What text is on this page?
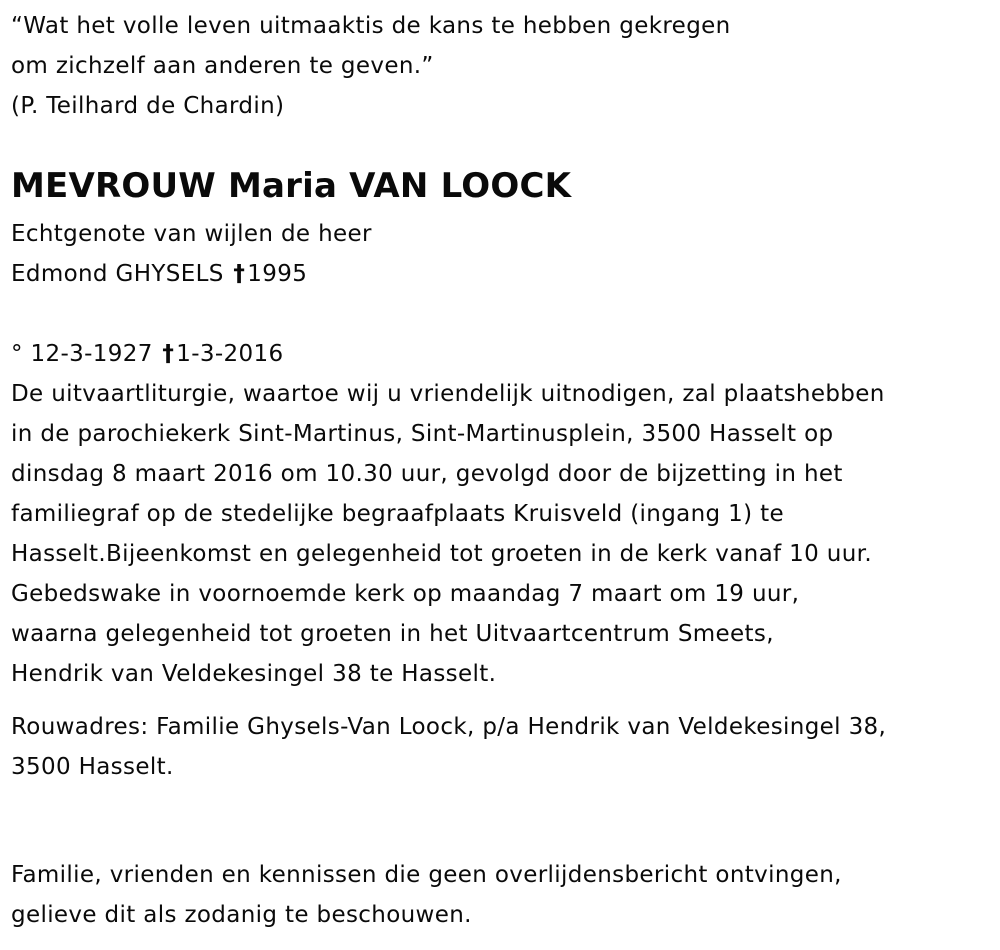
“Wat het volle leven uitmaaktis de kans te hebben gekregen
om zichzelf aan anderen te geven.”
(P. Teilhard de Chardin)
MEVROUW Maria VAN LOOCK
Echtgenote van wijlen de heer
Edmond GHYSELS †1995
° 12-3-1927 †1-3-2016
De uitvaartliturgie, waartoe wij u vriendelijk uitnodigen, zal plaatshebben
in de parochiekerk Sint-Martinus, Sint-Martinusplein, 3500 Hasselt op
dinsdag 8 maart 2016 om 10.30 uur, gevolgd door de bijzetting in het
familiegraf op de stedelijke begraafplaats Kruisveld (ingang 1) te
Hasselt.Bijeenkomst en gelegenheid tot groeten in de kerk vanaf 10 uur.
Gebedswake in voornoemde kerk op maandag 7 maart om 19 uur,
waarna gelegenheid tot groeten in het Uitvaartcentrum Smeets,
Hendrik van Veldekesingel 38 te Hasselt.
Rouwadres: Familie Ghysels-Van Loock, p/a Hendrik van Veldekesingel 38,
3500 Hasselt.
Familie, vrienden en kennissen die geen overlijdensbericht ontvingen,
gelieve dit als zodanig te beschouwen.
